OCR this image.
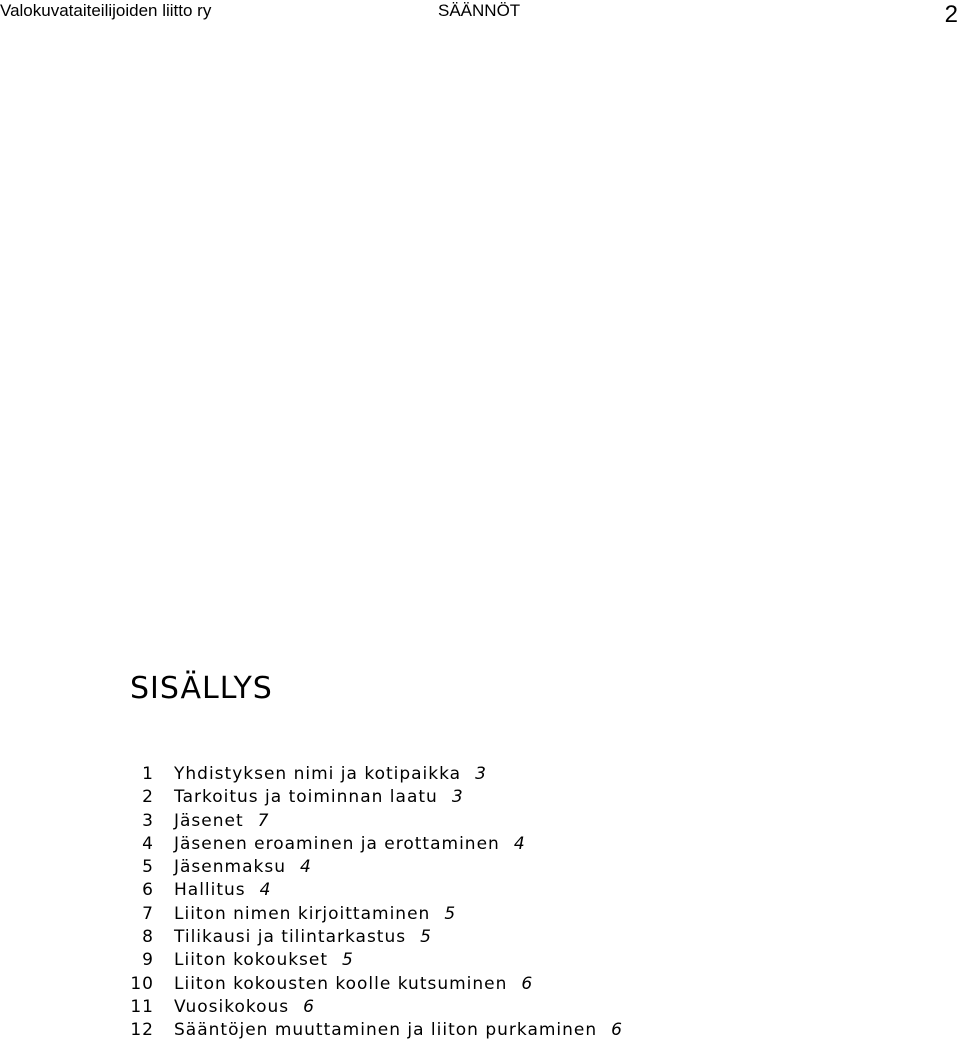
Valokuvataiteilijoiden liitto ry	SÄÄNNÖT	2
SISÄLLYS
1	Yhdistyksen nimi ja kotipaikka 3
2	Tarkoitus ja toiminnan laatu 3
3	Jäsenet 7
4	Jäsenen eroaminen ja erottaminen 4
5	Jäsenmaksu 4
6	Hallitus 4
7	Liiton nimen kirjoittaminen 5
8	Tilikausi ja tilintarkastus 5
9	Liiton kokoukset 5
10	Liiton kokousten koolle kutsuminen 6
11	Vuosikokous 6
12	Sääntöjen muuttaminen ja liiton purkaminen 6
